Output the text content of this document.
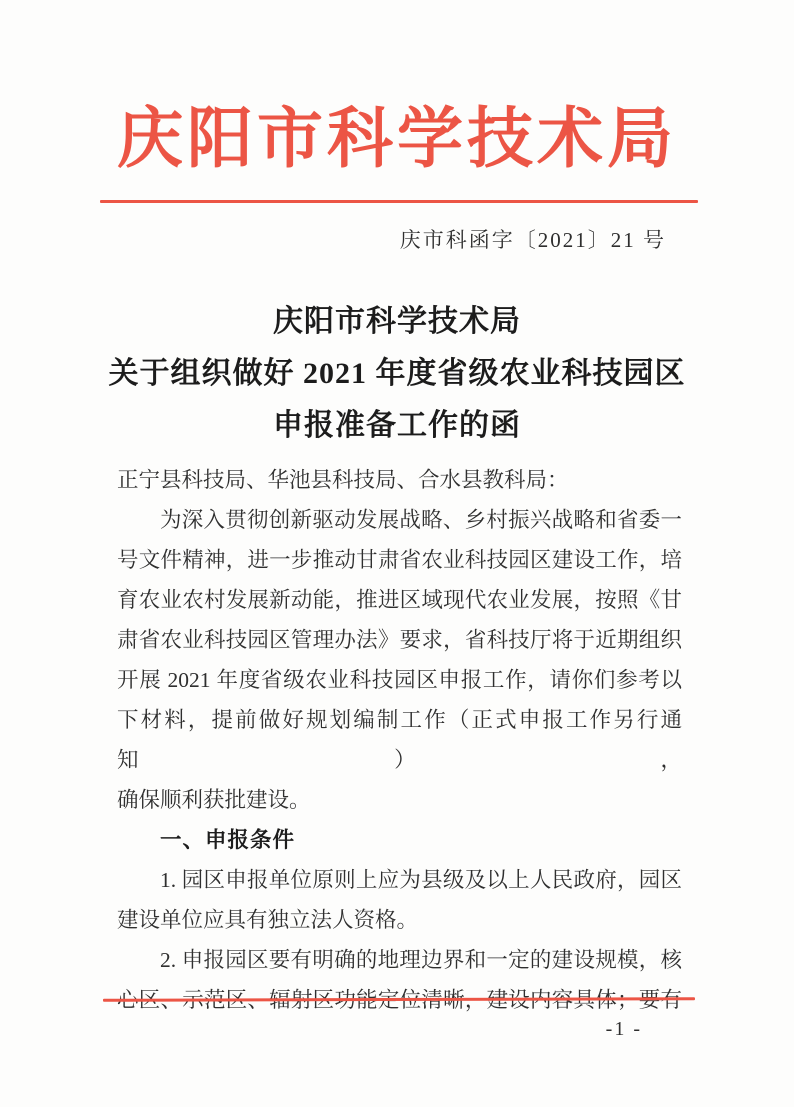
庆阳市科学技术局
庆市科函字〔2021〕21 号
庆阳市科学技术局
关于组织做好 2021 年度省级农业科技园区
申报准备工作的函
正宁县科技局、华池县科技局、合水县教科局：
为深入贯彻创新驱动发展战略、乡村振兴战略和省委一
号文件精神，进一步推动甘肃省农业科技园区建设工作，培
育农业农村发展新动能，推进区域现代农业发展，按照《甘
肃省农业科技园区管理办法》要求，省科技厅将于近期组织
开展 2021 年度省级农业科技园区申报工作，请你们参考以
下材料，提前做好规划编制工作（正式申报工作另行通知），
确保顺利获批建设。
一、申报条件
1. 园区申报单位原则上应为县级及以上人民政府，园区
建设单位应具有独立法人资格。
2. 申报园区要有明确的地理边界和一定的建设规模，核
-1 -
